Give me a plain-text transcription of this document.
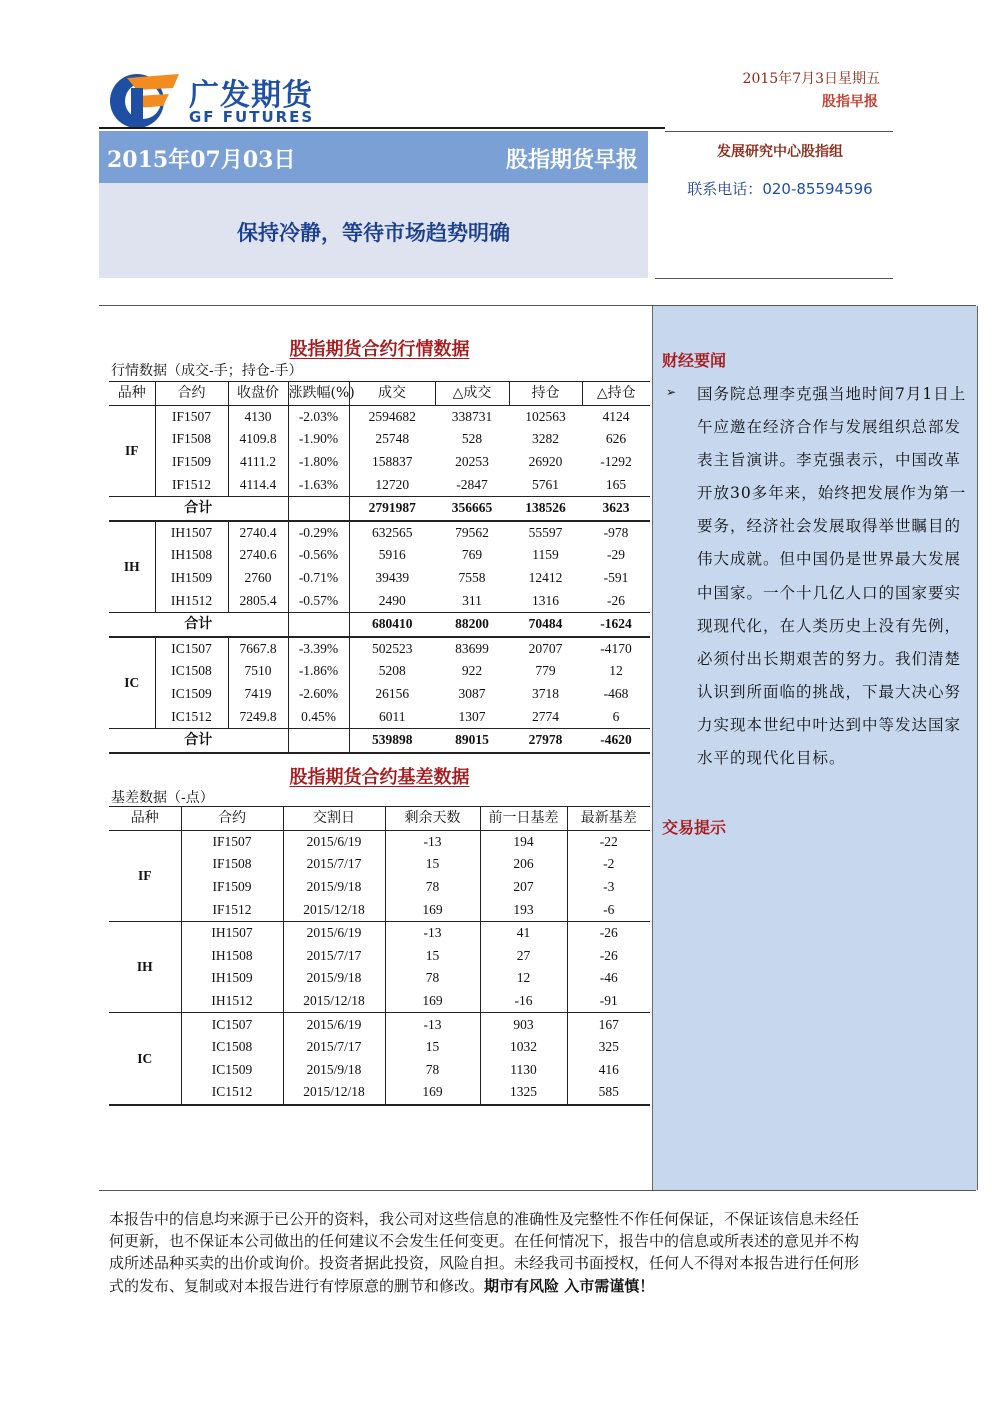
广发期货
GF FUTURES
2015年7月3日星期五
股指早报
2015年07月03日	股指期货早报
保持冷静，等待市场趋势明确
发展研究中心股指组
联系电话：020-85594596
股指期货合约行情数据
行情数据（成交-手；持仓-手）
品种	合约	收盘价	涨跌幅(%)	成交	△成交	持仓	△持仓
IF	IF1507	4130	-2.03%	2594682	338731	102563	4124
	IF1508	4109.8	-1.90%	25748	528	3282	626
	IF1509	4111.2	-1.80%	158837	20253	26920	-1292
	IF1512	4114.4	-1.63%	12720	-2847	5761	165
合计				2791987	356665	138526	3623
IH	IH1507	2740.4	-0.29%	632565	79562	55597	-978
	IH1508	2740.6	-0.56%	5916	769	1159	-29
	IH1509	2760	-0.71%	39439	7558	12412	-591
	IH1512	2805.4	-0.57%	2490	311	1316	-26
合计				680410	88200	70484	-1624
IC	IC1507	7667.8	-3.39%	502523	83699	20707	-4170
	IC1508	7510	-1.86%	5208	922	779	12
	IC1509	7419	-2.60%	26156	3087	3718	-468
	IC1512	7249.8	0.45%	6011	1307	2774	6
合计				539898	89015	27978	-4620
股指期货合约基差数据
基差数据（-点）
品种	合约	交割日	剩余天数	前一日基差	最新基差
IF	IF1507	2015/6/19	-13	194	-22
	IF1508	2015/7/17	15	206	-2
	IF1509	2015/9/18	78	207	-3
	IF1512	2015/12/18	169	193	-6
IH	IH1507	2015/6/19	-13	41	-26
	IH1508	2015/7/17	15	27	-26
	IH1509	2015/9/18	78	12	-46
	IH1512	2015/12/18	169	-16	-91
IC	IC1507	2015/6/19	-13	903	167
	IC1508	2015/7/17	15	1032	325
	IC1509	2015/9/18	78	1130	416
	IC1512	2015/12/18	169	1325	585
财经要闻
➢ 国务院总理李克强当地时间7月1日上午应邀在经济合作与发展组织总部发表主旨演讲。李克强表示，中国改革开放30多年来，始终把发展作为第一要务，经济社会发展取得举世瞩目的伟大成就。但中国仍是世界最大发展中国家。一个十几亿人口的国家要实现现代化，在人类历史上没有先例，必须付出长期艰苦的努力。我们清楚认识到所面临的挑战，下最大决心努力实现本世纪中叶达到中等发达国家水平的现代化目标。
交易提示
本报告中的信息均来源于已公开的资料，我公司对这些信息的准确性及完整性不作任何保证，不保证该信息未经任何更新，也不保证本公司做出的任何建议不会发生任何变更。在任何情况下，报告中的信息或所表述的意见并不构成所述品种买卖的出价或询价。投资者据此投资，风险自担。未经我司书面授权，任何人不得对本报告进行任何形式的发布、复制或对本报告进行有悖原意的删节和修改。期市有风险 入市需谨慎！
